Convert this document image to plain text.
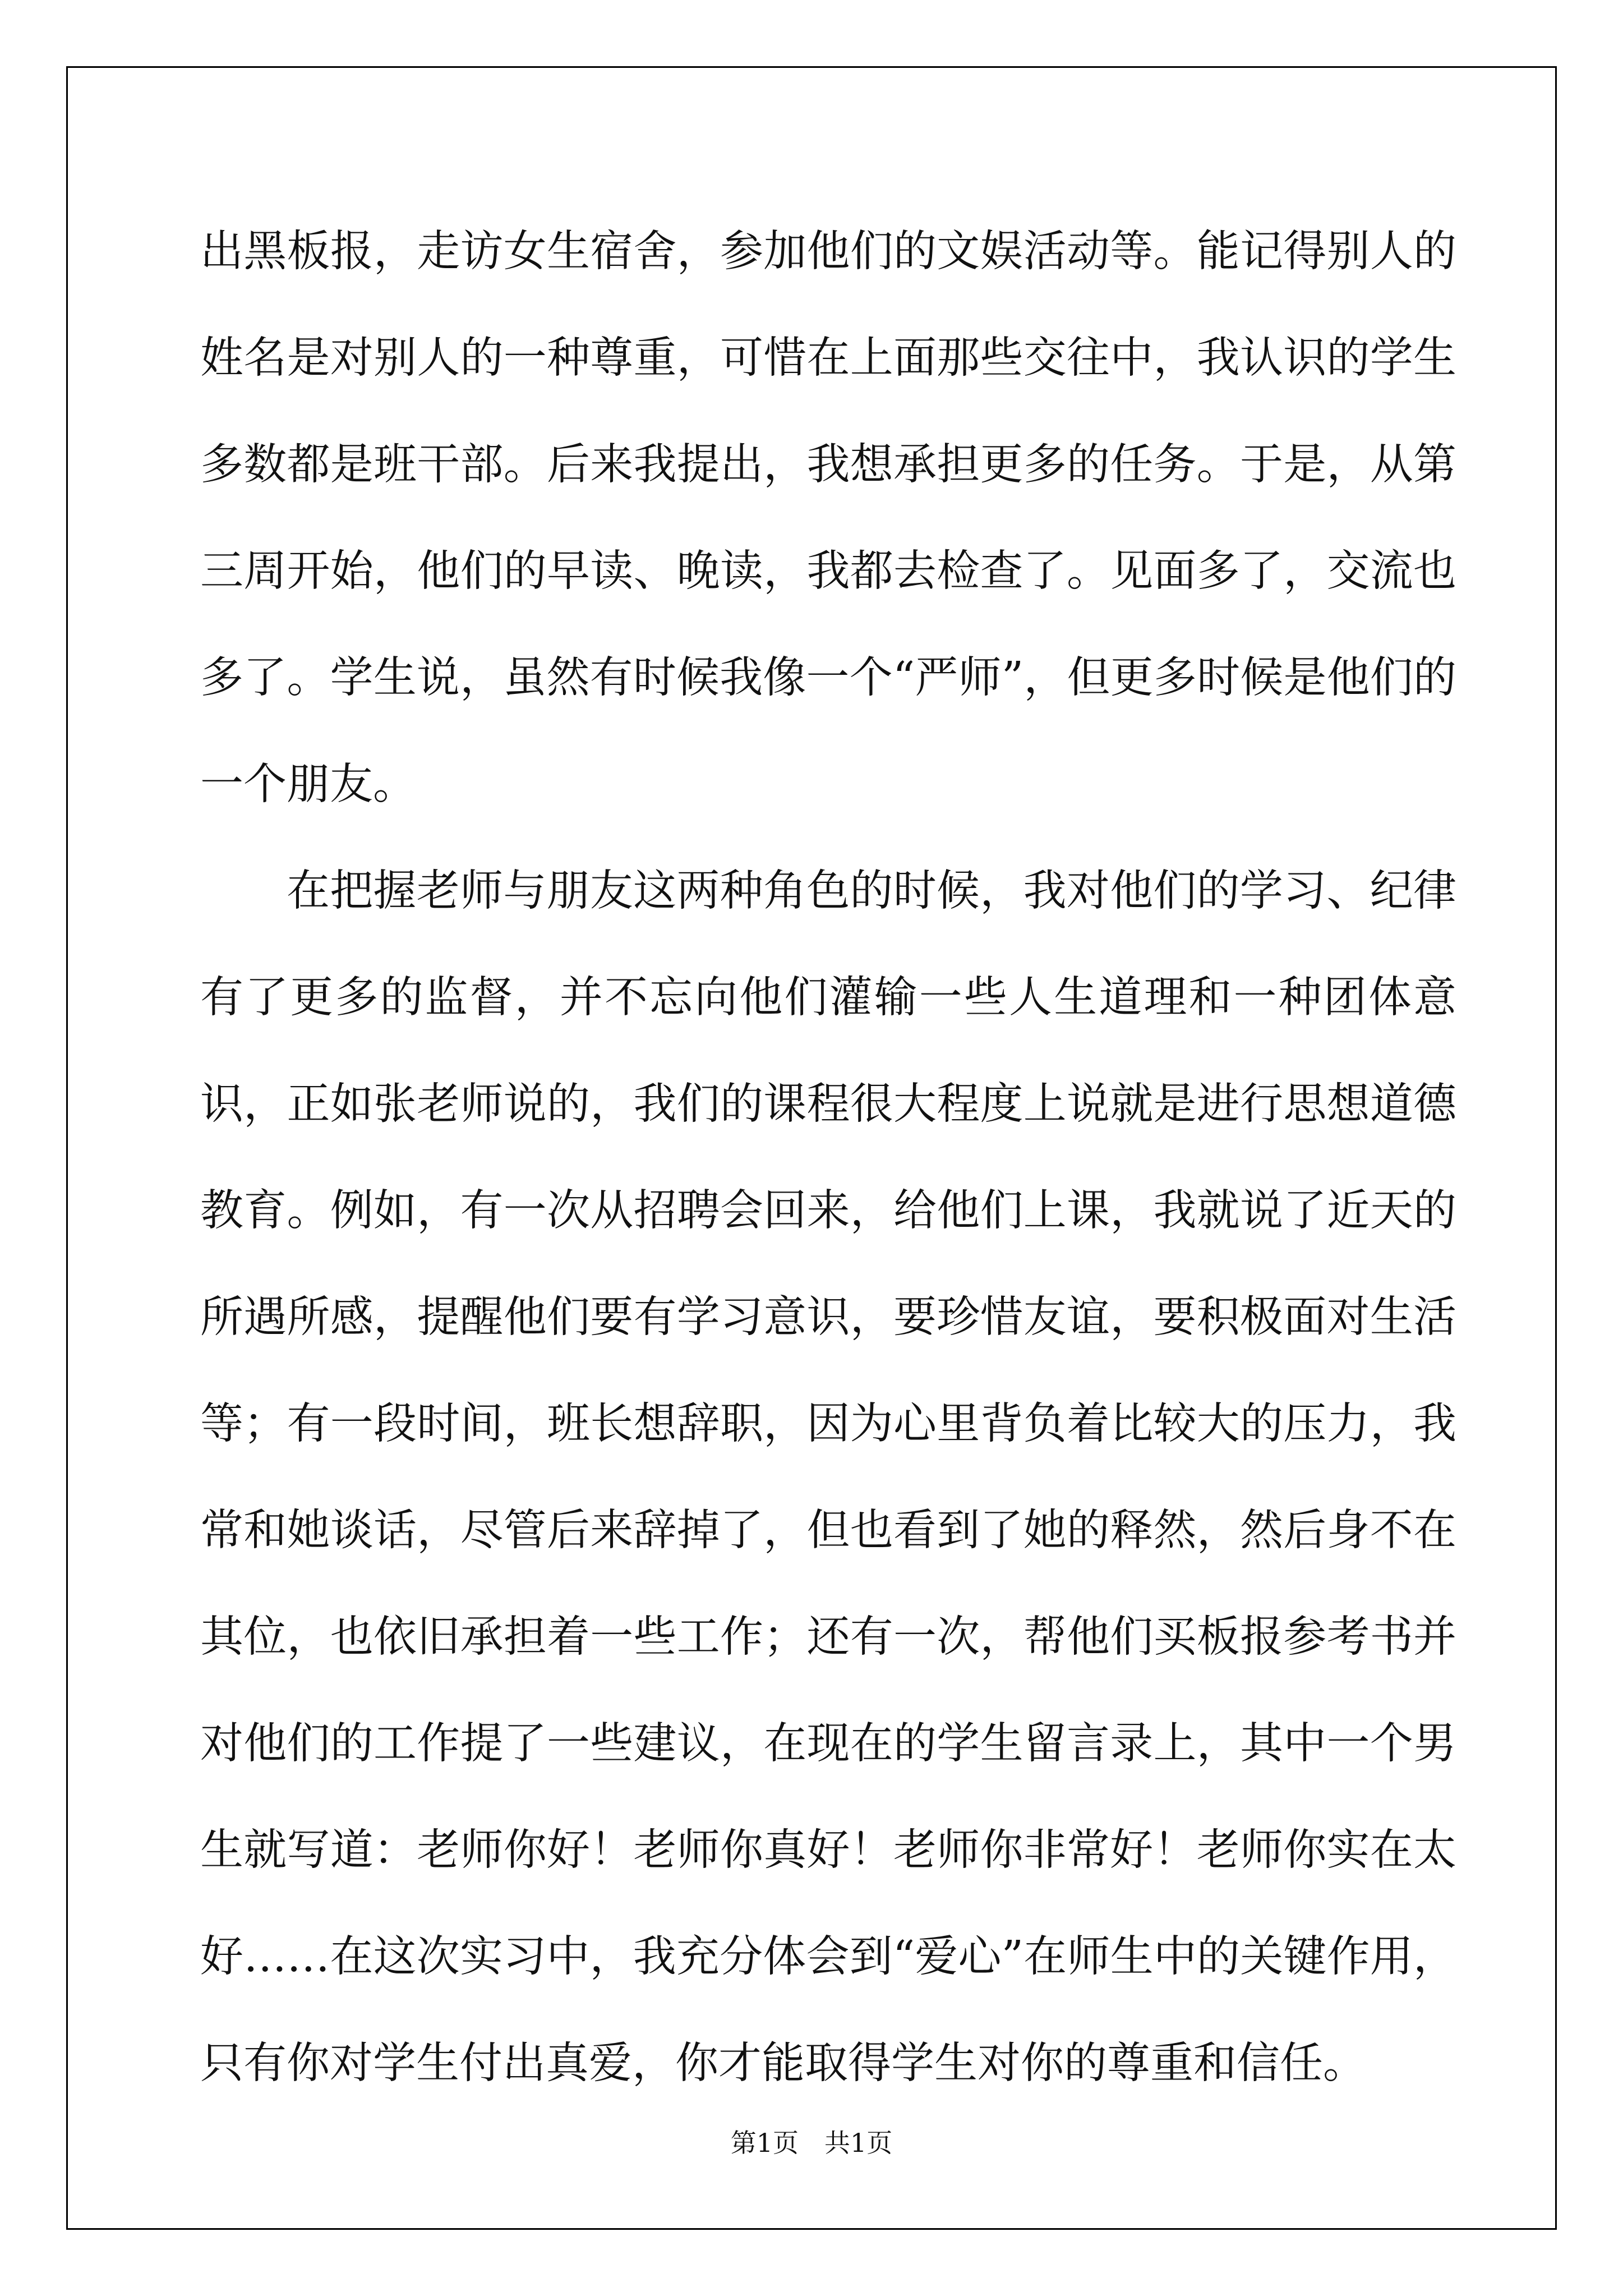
出黑板报，走访女生宿舍，参加他们的文娱活动等。能记得别人的姓名是对别人的一种尊重，可惜在上面那些交往中，我认识的学生多数都是班干部。后来我提出，我想承担更多的任务。于是，从第三周开始，他们的早读、晚读，我都去检查了。见面多了，交流也多了。学生说，虽然有时候我像一个“严师”，但更多时候是他们的一个朋友。

在把握老师与朋友这两种角色的时候，我对他们的学习、纪律有了更多的监督，并不忘向他们灌输一些人生道理和一种团体意识，正如张老师说的，我们的课程很大程度上说就是进行思想道德教育。例如，有一次从招聘会回来，给他们上课，我就说了近天的所遇所感，提醒他们要有学习意识，要珍惜友谊，要积极面对生活等；有一段时间，班长想辞职，因为心里背负着比较大的压力，我常和她谈话，尽管后来辞掉了，但也看到了她的释然，然后身不在其位，也依旧承担着一些工作；还有一次，帮他们买板报参考书并对他们的工作提了一些建议，在现在的学生留言录上，其中一个男生就写道：老师你好！老师你真好！老师你非常好！老师你实在太好……在这次实习中，我充分体会到“爱心”在师生中的关键作用，只有你对学生付出真爱，你才能取得学生对你的尊重和信任。

第1页　共1页
